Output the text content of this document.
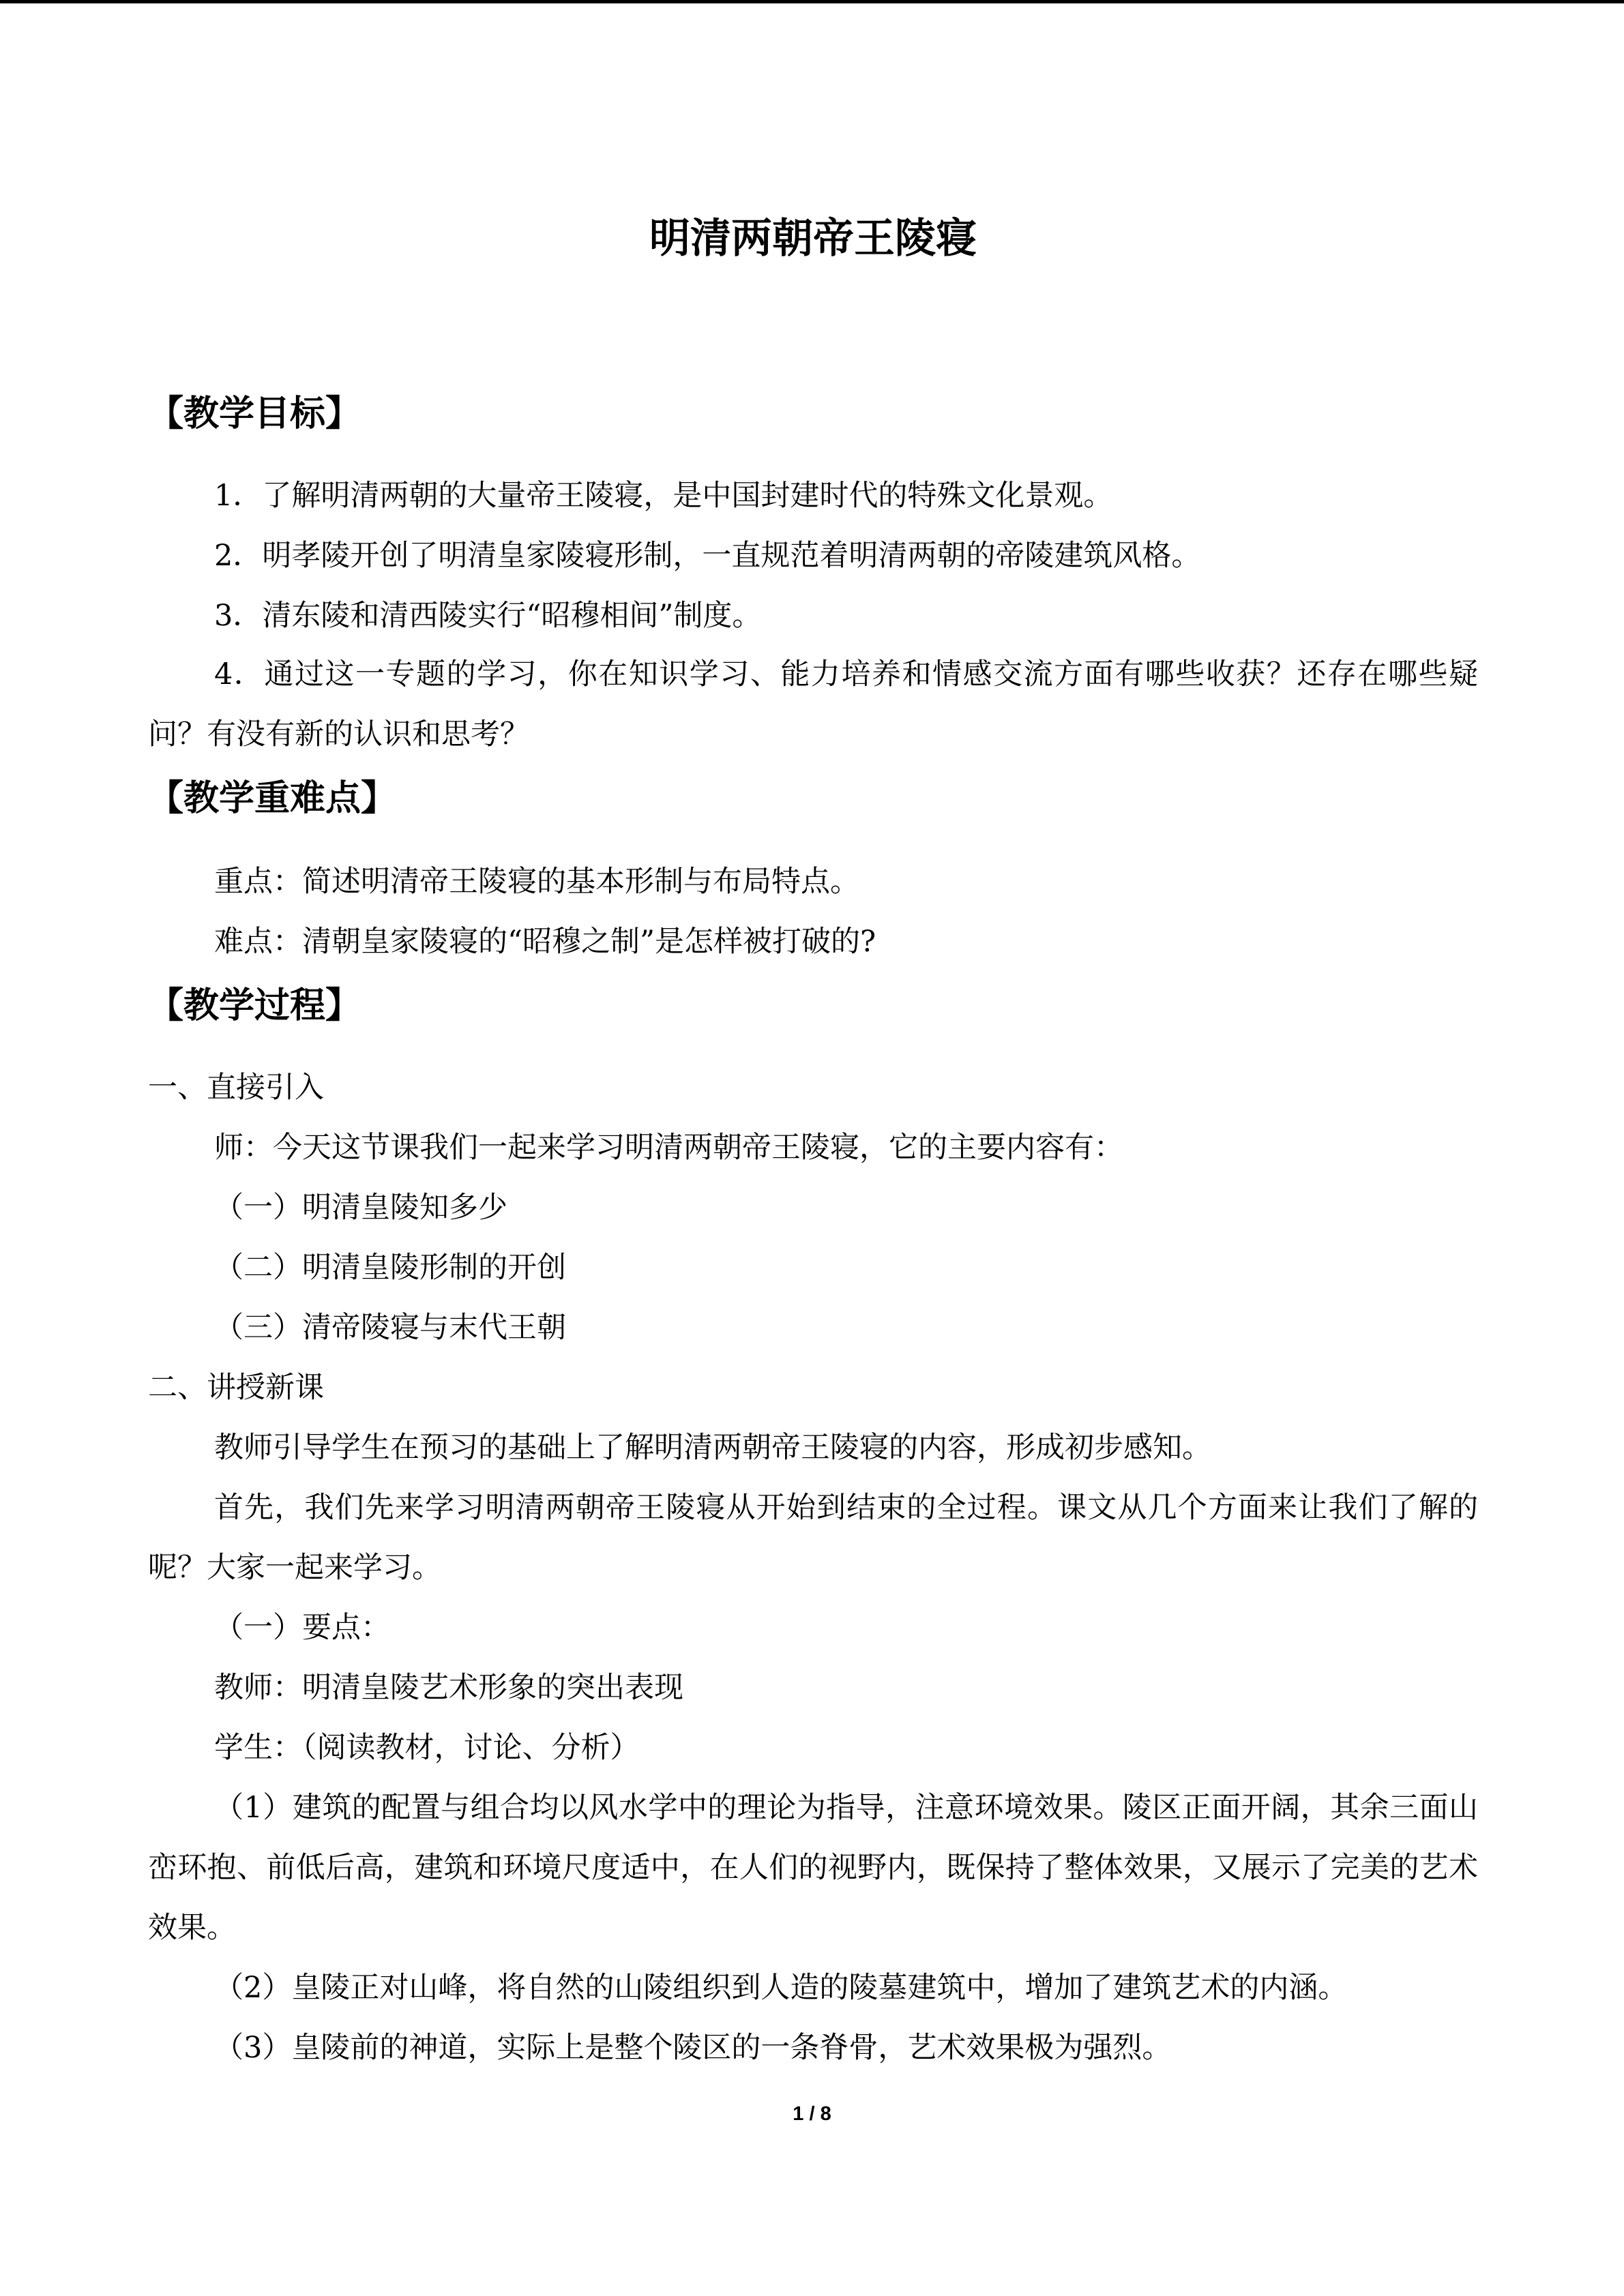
明清两朝帝王陵寝
【教学目标】
1．了解明清两朝的大量帝王陵寝，是中国封建时代的特殊文化景观。
2．明孝陵开创了明清皇家陵寝形制，一直规范着明清两朝的帝陵建筑风格。
3．清东陵和清西陵实行“昭穆相间”制度。
4．通过这一专题的学习，你在知识学习、能力培养和情感交流方面有哪些收获？还存在哪些疑问？有没有新的认识和思考？
【教学重难点】
重点：简述明清帝王陵寝的基本形制与布局特点。
难点：清朝皇家陵寝的“昭穆之制”是怎样被打破的?
【教学过程】
一、直接引入
师：今天这节课我们一起来学习明清两朝帝王陵寝，它的主要内容有：
（一）明清皇陵知多少
（二）明清皇陵形制的开创
（三）清帝陵寝与末代王朝
二、讲授新课
教师引导学生在预习的基础上了解明清两朝帝王陵寝的内容，形成初步感知。
首先，我们先来学习明清两朝帝王陵寝从开始到结束的全过程。课文从几个方面来让我们了解的呢？大家一起来学习。
（一）要点：
教师：明清皇陵艺术形象的突出表现
学生：（阅读教材，讨论、分析）
（1）建筑的配置与组合均以风水学中的理论为指导，注意环境效果。陵区正面开阔，其余三面山峦环抱、前低后高，建筑和环境尺度适中，在人们的视野内，既保持了整体效果，又展示了完美的艺术效果。
（2）皇陵正对山峰，将自然的山陵组织到人造的陵墓建筑中，增加了建筑艺术的内涵。
（3）皇陵前的神道，实际上是整个陵区的一条脊骨，艺术效果极为强烈。
1 / 8
